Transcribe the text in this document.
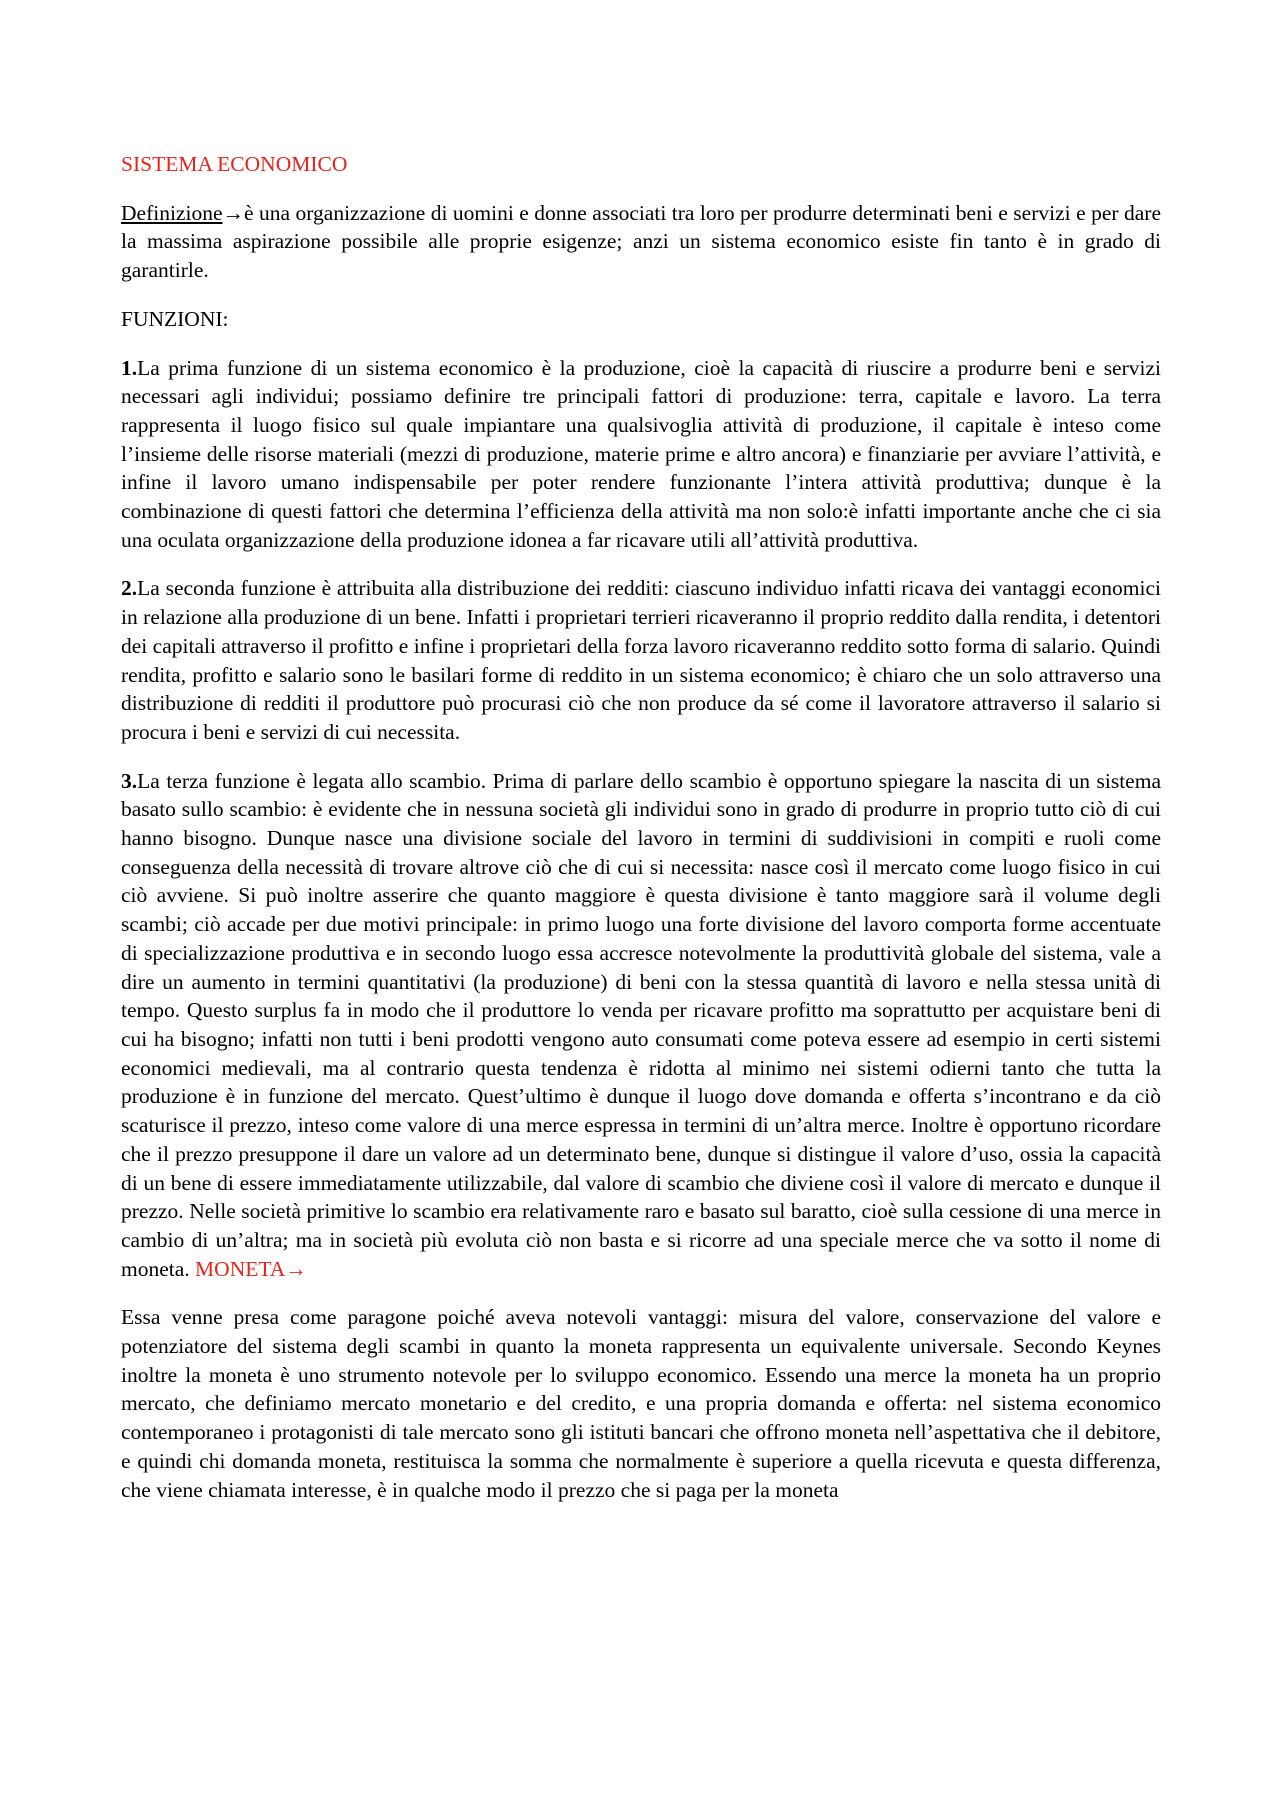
SISTEMA ECONOMICO

Definizione→è una organizzazione di uomini e donne associati tra loro per produrre determinati beni e servizi e per dare la massima aspirazione possibile alle proprie esigenze; anzi un sistema economico esiste fin tanto è in grado di garantirle.

FUNZIONI:

1.La prima funzione di un sistema economico è la produzione, cioè la capacità di riuscire a produrre beni e servizi necessari agli individui; possiamo definire tre principali fattori di produzione: terra, capitale e lavoro. La terra rappresenta il luogo fisico sul quale impiantare una qualsivoglia attività di produzione, il capitale è inteso come l’insieme delle risorse materiali (mezzi di produzione, materie prime e altro ancora) e finanziarie per avviare l’attività, e infine il lavoro umano indispensabile per poter rendere funzionante l’intera attività produttiva; dunque è la combinazione di questi fattori che determina l’efficienza della attività ma non solo:è infatti importante anche che ci sia una oculata organizzazione della produzione idonea a far ricavare utili all’attività produttiva.

2.La seconda funzione è attribuita alla distribuzione dei redditi: ciascuno individuo infatti ricava dei vantaggi economici in relazione alla produzione di un bene. Infatti i proprietari terrieri ricaveranno il proprio reddito dalla rendita, i detentori dei capitali attraverso il profitto e infine i proprietari della forza lavoro ricaveranno reddito sotto forma di salario. Quindi rendita, profitto e salario sono le basilari forme di reddito in un sistema economico; è chiaro che un solo attraverso una distribuzione di redditi il produttore può procurasi ciò che non produce da sé come il lavoratore attraverso il salario si procura i beni e servizi di cui necessita.

3.La terza funzione è legata allo scambio. Prima di parlare dello scambio è opportuno spiegare la nascita di un sistema basato sullo scambio: è evidente che in nessuna società gli individui sono in grado di produrre in proprio tutto ciò di cui hanno bisogno. Dunque nasce una divisione sociale del lavoro in termini di suddivisioni in compiti e ruoli come conseguenza della necessità di trovare altrove ciò che di cui si necessita: nasce così il mercato come luogo fisico in cui ciò avviene. Si può inoltre asserire che quanto maggiore è questa divisione è tanto maggiore sarà il volume degli scambi; ciò accade per due motivi principale: in primo luogo una forte divisione del lavoro comporta forme accentuate di specializzazione produttiva e in secondo luogo essa accresce notevolmente la produttività globale del sistema, vale a dire un aumento in termini quantitativi (la produzione) di beni con la stessa quantità di lavoro e nella stessa unità di tempo. Questo surplus fa in modo che il produttore lo venda per ricavare profitto ma soprattutto per acquistare beni di cui ha bisogno; infatti non tutti i beni prodotti vengono auto consumati come poteva essere ad esempio in certi sistemi economici medievali, ma al contrario questa tendenza è ridotta al minimo nei sistemi odierni tanto che tutta la produzione è in funzione del mercato. Quest’ultimo è dunque il luogo dove domanda e offerta s’incontrano e da ciò scaturisce il prezzo, inteso come valore di una merce espressa in termini di un’altra merce. Inoltre è opportuno ricordare che il prezzo presuppone il dare un valore ad un determinato bene, dunque si distingue il valore d’uso, ossia la capacità di un bene di essere immediatamente utilizzabile, dal valore di scambio che diviene così il valore di mercato e dunque il prezzo. Nelle società primitive lo scambio era relativamente raro e basato sul baratto, cioè sulla cessione di una merce in cambio di un’altra; ma in società più evoluta ciò non basta e si ricorre ad una speciale merce che va sotto il nome di moneta. MONETA→

Essa venne presa come paragone poiché aveva notevoli vantaggi: misura del valore, conservazione del valore e potenziatore del sistema degli scambi in quanto la moneta rappresenta un equivalente universale. Secondo Keynes inoltre la moneta è uno strumento notevole per lo sviluppo economico. Essendo una merce la moneta ha un proprio mercato, che definiamo mercato monetario e del credito, e una propria domanda e offerta: nel sistema economico contemporaneo i protagonisti di tale mercato sono gli istituti bancari che offrono moneta nell’aspettativa che il debitore, e quindi chi domanda moneta, restituisca la somma che normalmente è superiore a quella ricevuta e questa differenza, che viene chiamata interesse, è in qualche modo il prezzo che si paga per la moneta
